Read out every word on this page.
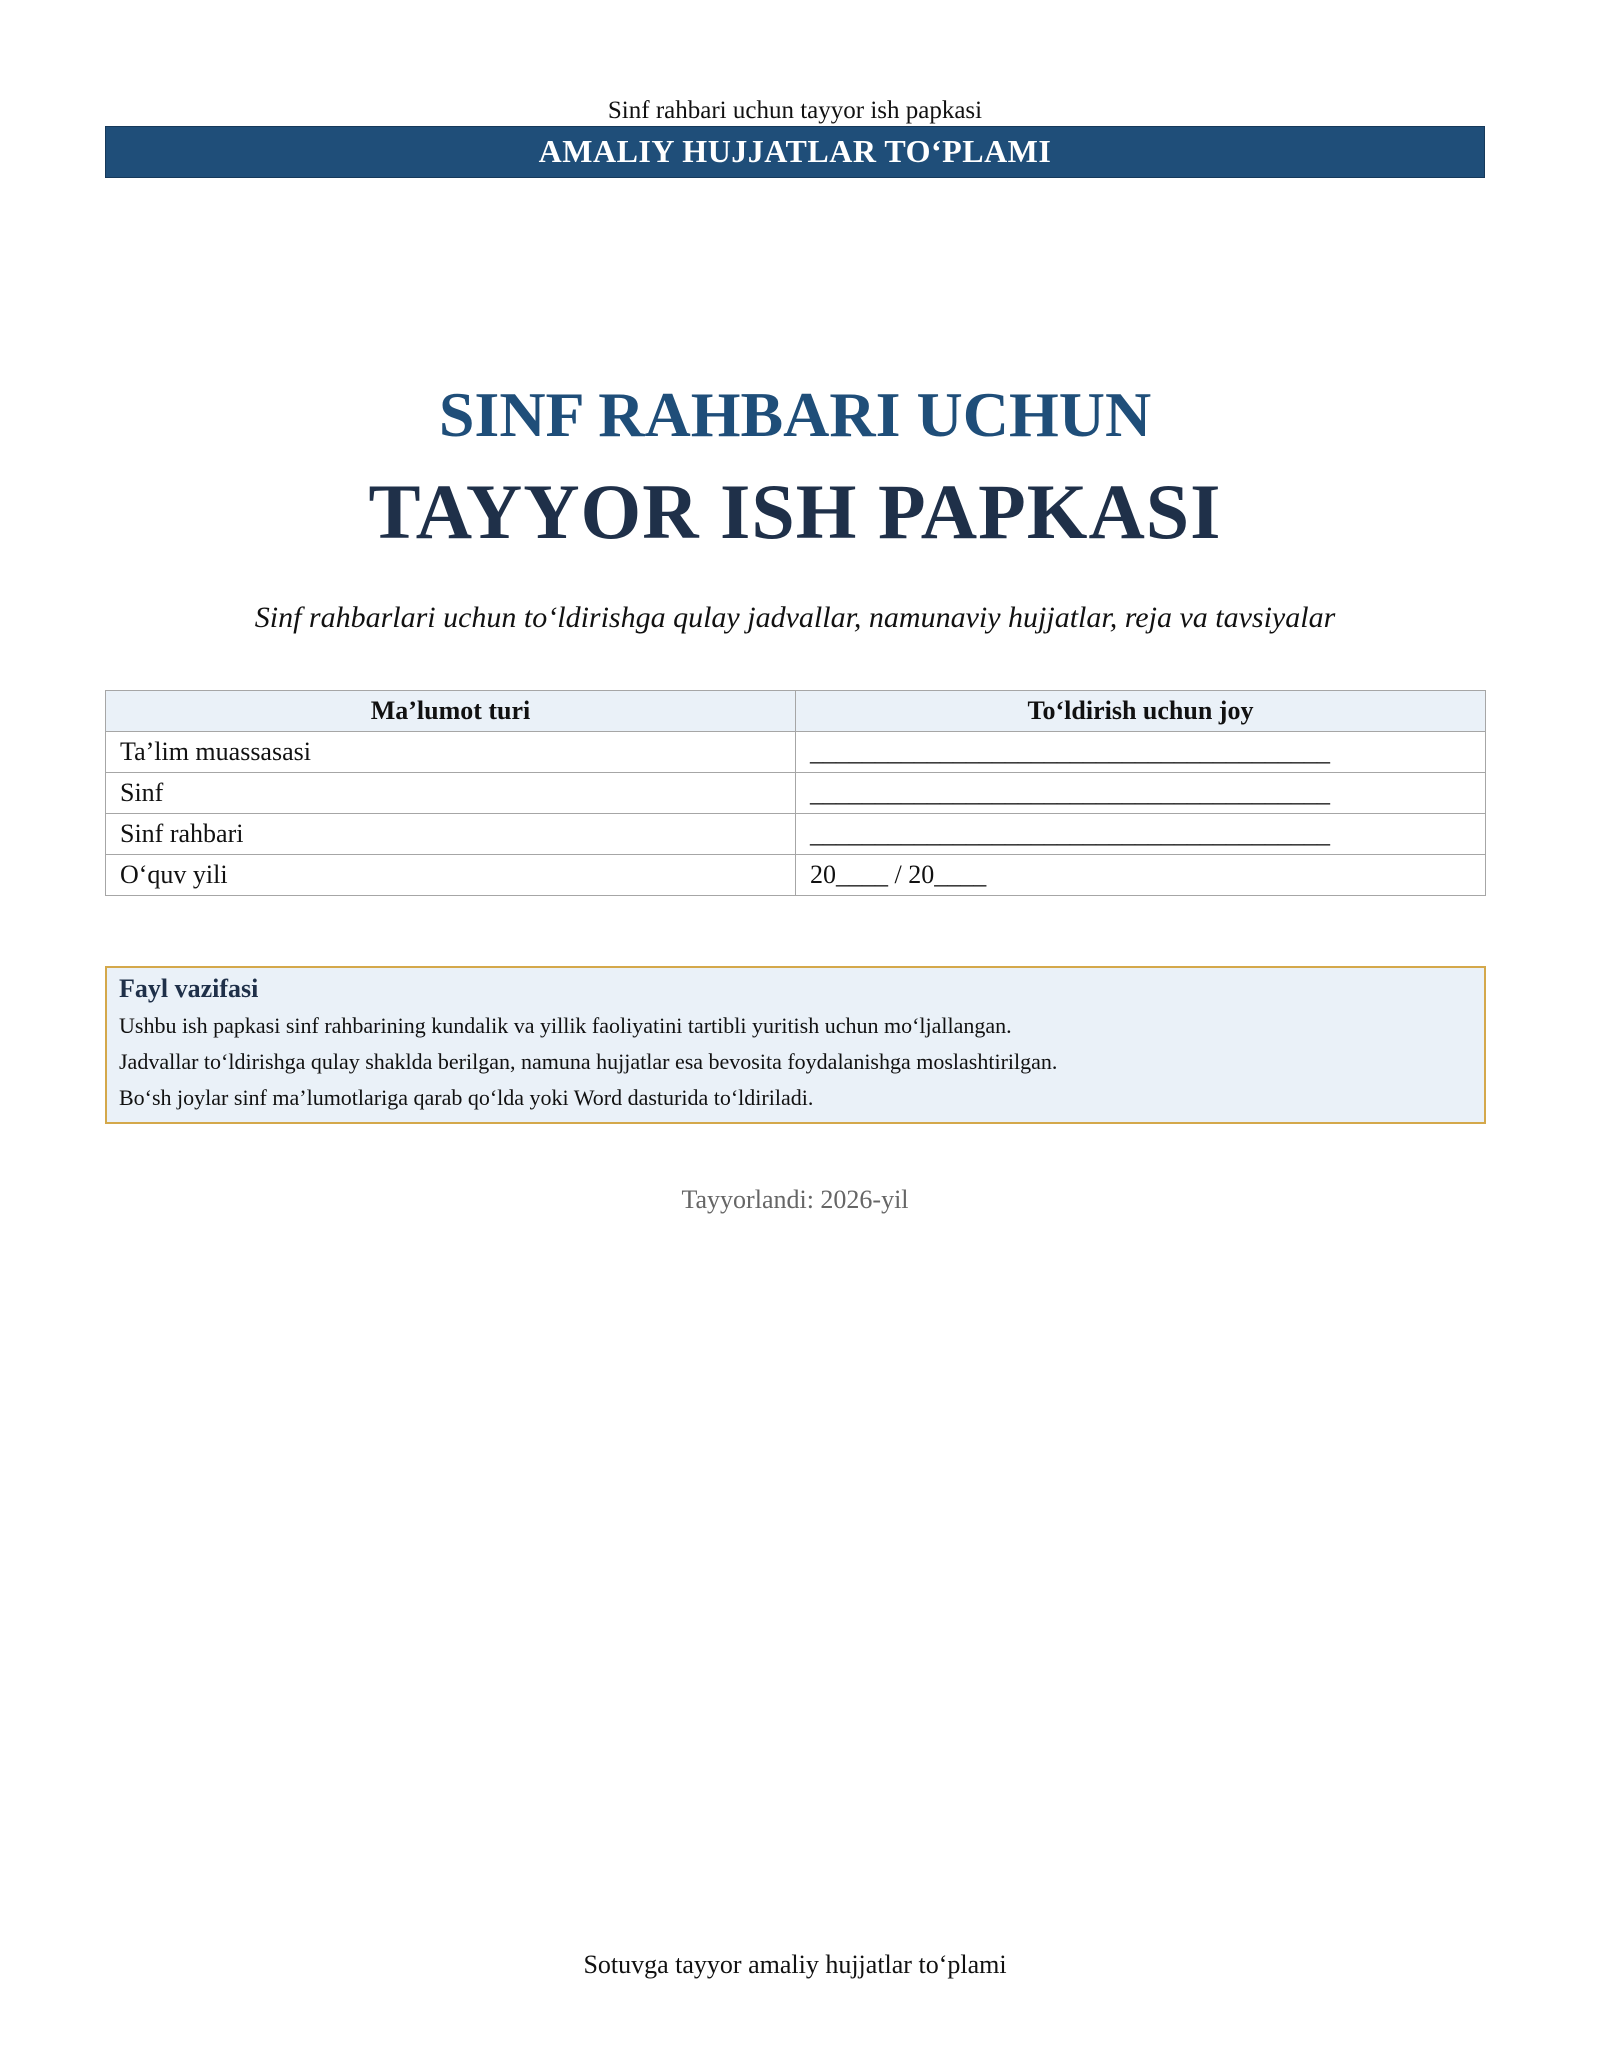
Sinf rahbari uchun tayyor ish papkasi
AMALIY HUJJATLAR TO‘PLAMI
SINF RAHBARI UCHUN
TAYYOR ISH PAPKASI
Sinf rahbarlari uchun to‘ldirishga qulay jadvallar, namunaviy hujjatlar, reja va tavsiyalar
Ma’lumot turi	To‘ldirish uchun joy
Ta’lim muassasasi	________________________________________
Sinf	________________________________________
Sinf rahbari	________________________________________
O‘quv yili	20____ / 20____
Fayl vazifasi
Ushbu ish papkasi sinf rahbarining kundalik va yillik faoliyatini tartibli yuritish uchun mo‘ljallangan.
Jadvallar to‘ldirishga qulay shaklda berilgan, namuna hujjatlar esa bevosita foydalanishga moslashtirilgan.
Bo‘sh joylar sinf ma’lumotlariga qarab qo‘lda yoki Word dasturida to‘ldiriladi.
Tayyorlandi: 2026-yil
Sotuvga tayyor amaliy hujjatlar to‘plami
